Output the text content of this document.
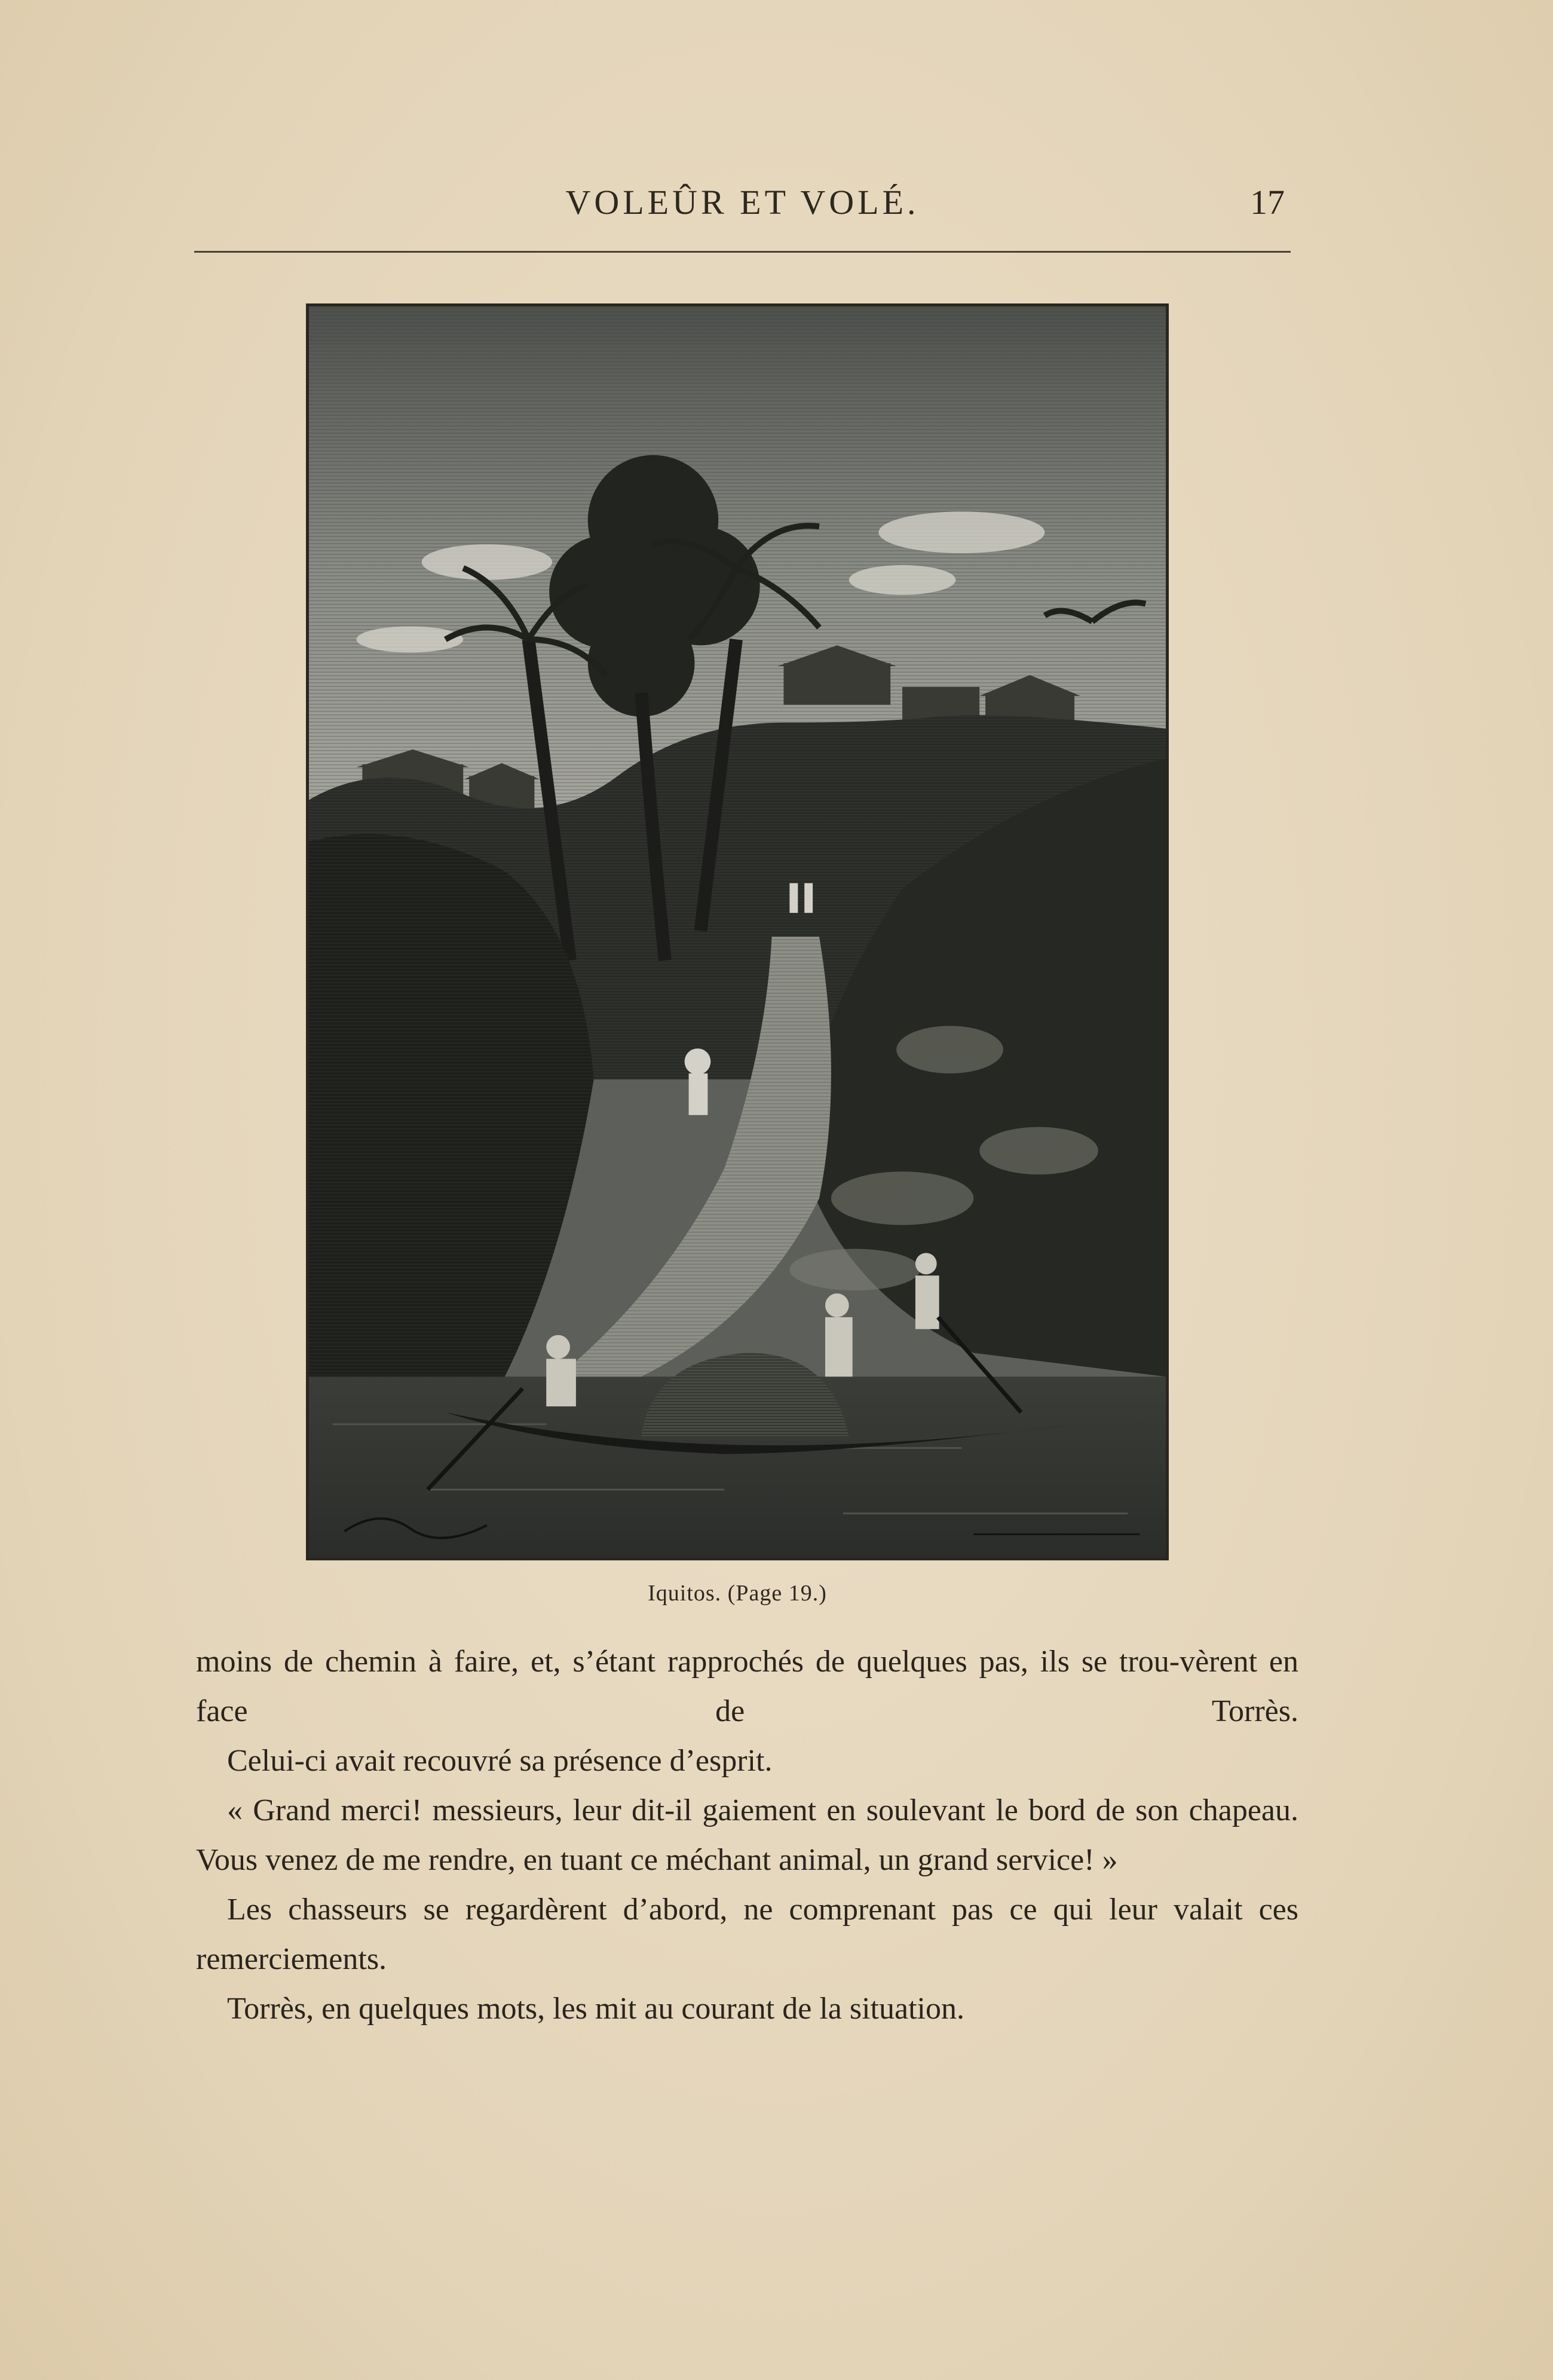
VOLEÛR ET VOLÉ.	17
Iquitos. (Page 19.)

moins de chemin à faire, et, s’étant rapprochés de quelques pas, ils se trou-vèrent en face de Torrès.

Celui-ci avait recouvré sa présence d’esprit.

« Grand merci! messieurs, leur dit-il gaiement en soulevant le bord de son chapeau. Vous venez de me rendre, en tuant ce méchant animal, un grand service! »

Les chasseurs se regardèrent d’abord, ne comprenant pas ce qui leur valait ces remerciements.

Torrès, en quelques mots, les mit au courant de la situation.
